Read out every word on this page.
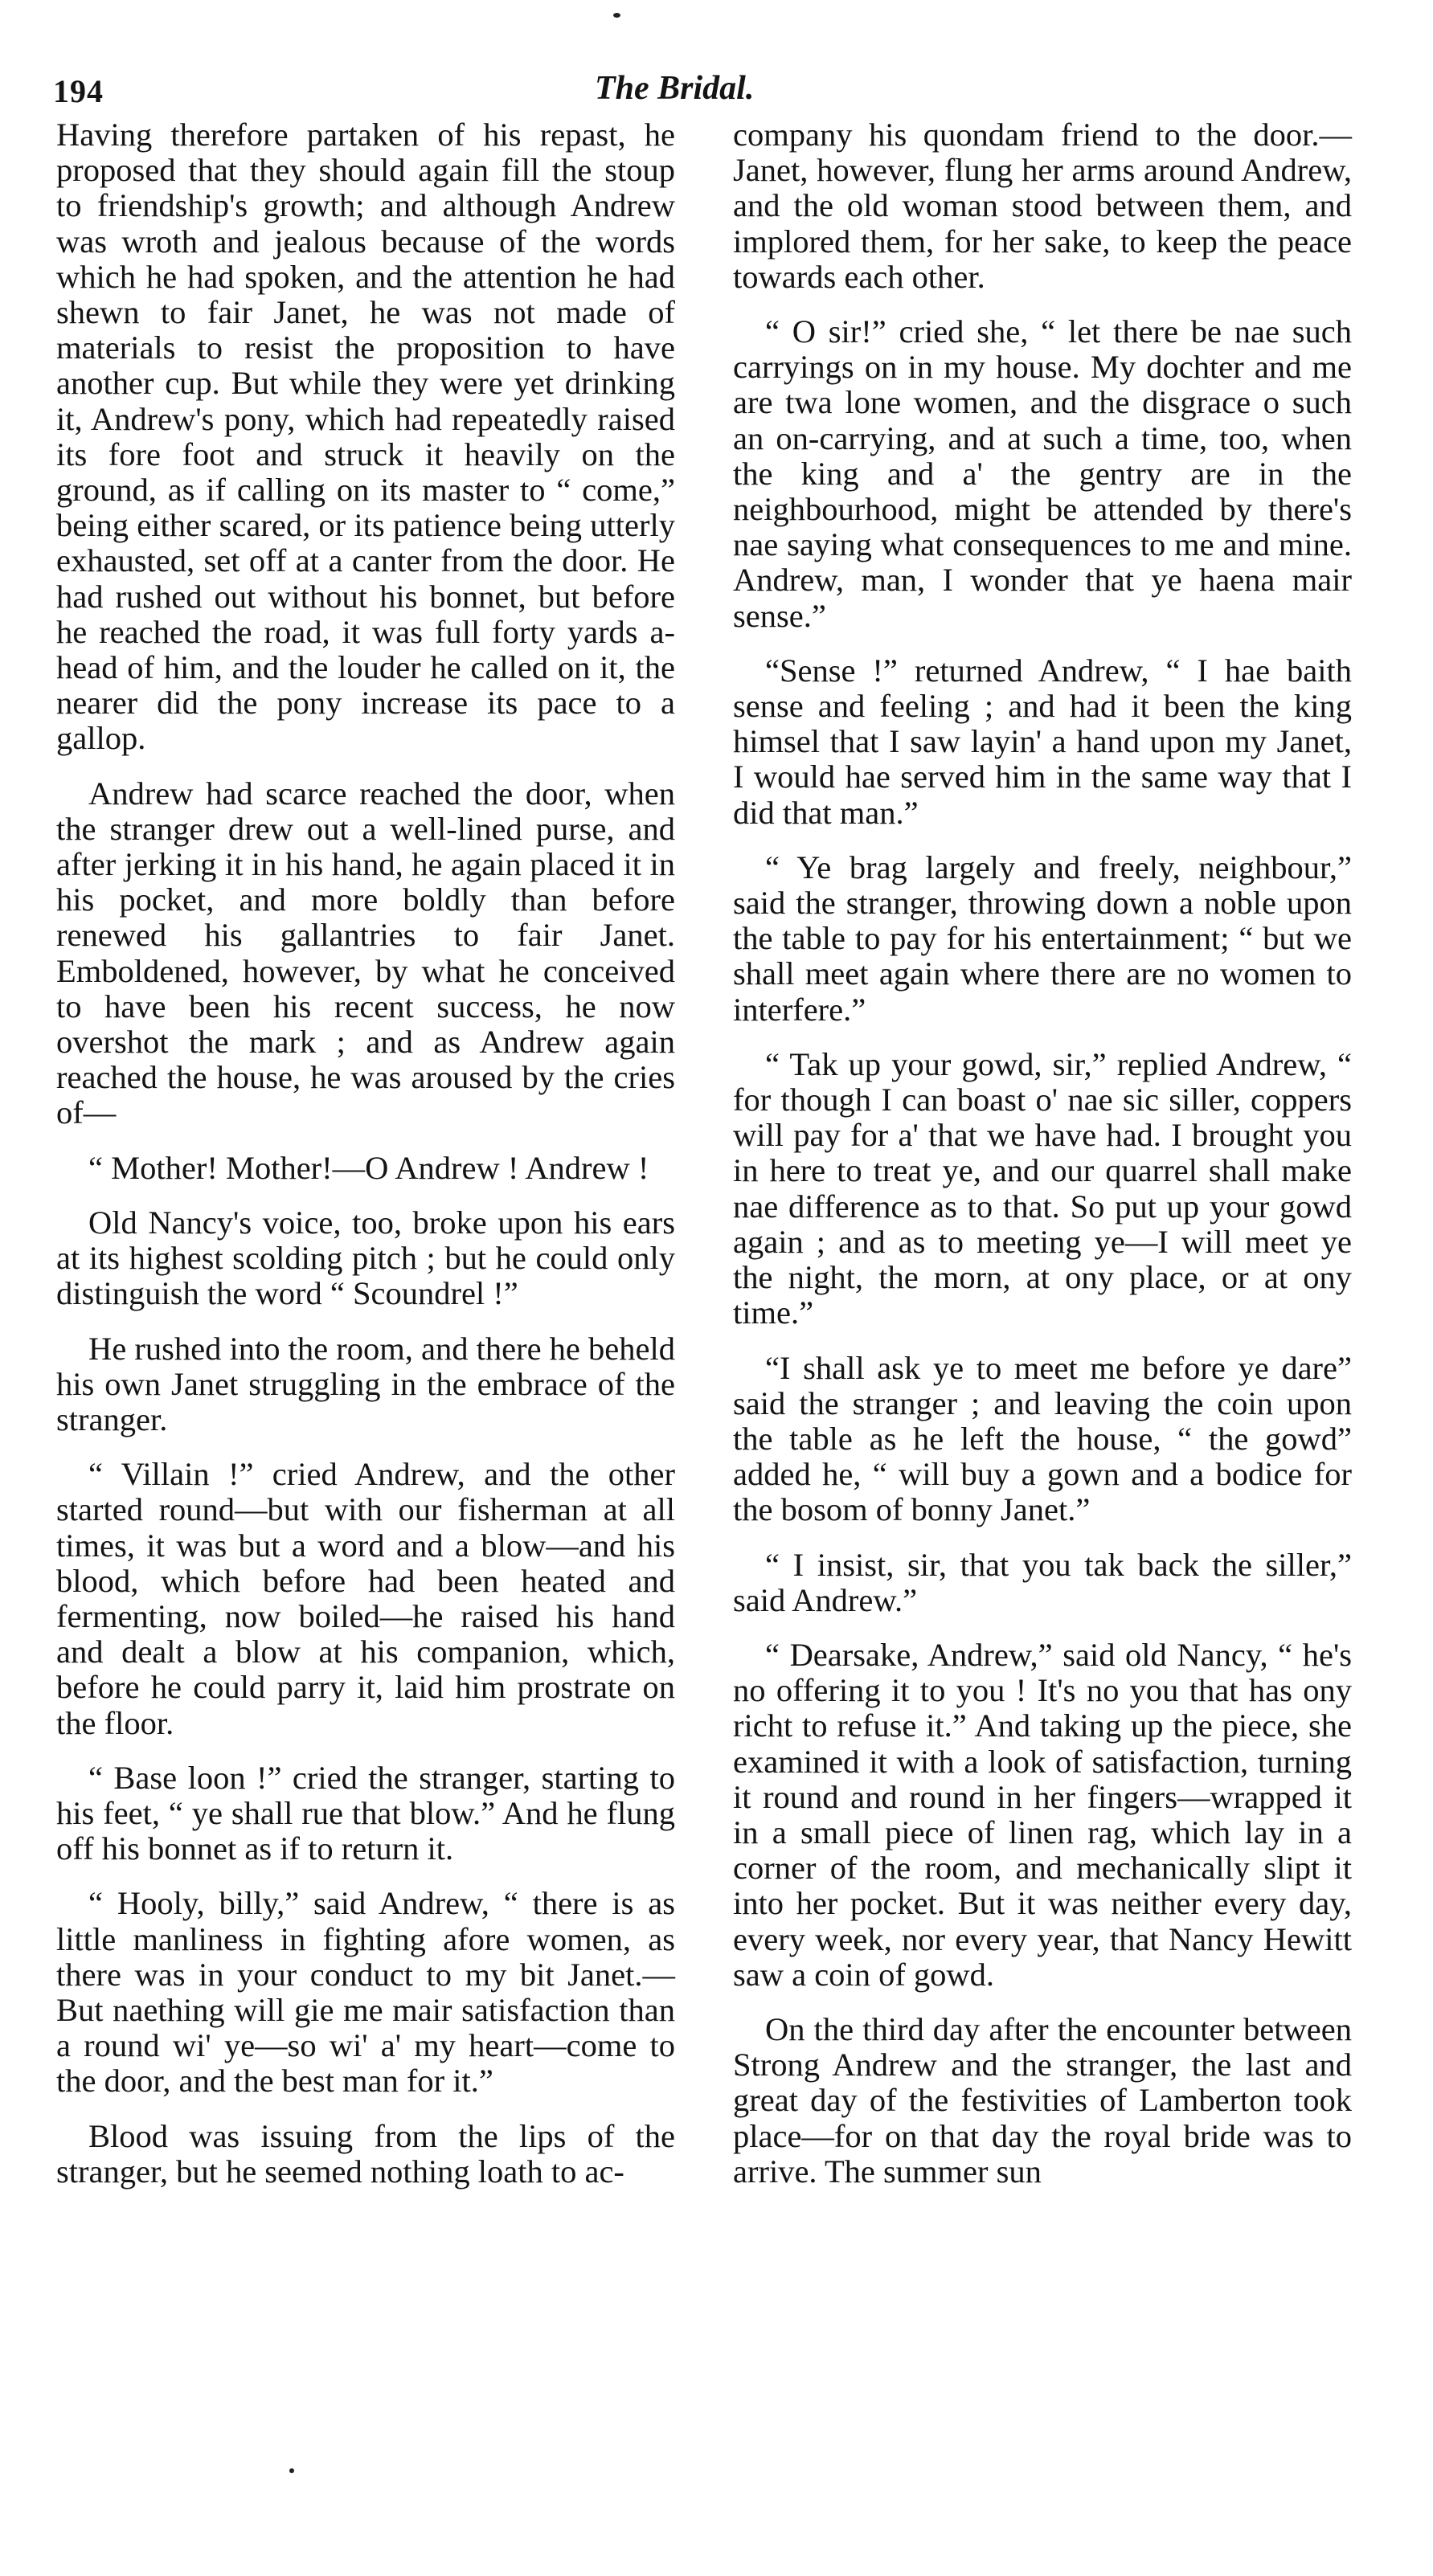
194	The Bridal.

Having therefore partaken of his repast, he proposed that they should again fill the stoup to friendship's growth; and although Andrew was wroth and jealous because of the words which he had spoken, and the attention he had shewn to fair Janet, he was not made of materials to resist the proposition to have another cup. But while they were yet drinking it, Andrew's pony, which had repeatedly raised its fore foot and struck it heavily on the ground, as if calling on its master to “ come,” being either scared, or its patience being utterly exhausted, set off at a canter from the door. He had rushed out without his bonnet, but before he reached the road, it was full forty yards a-head of him, and the louder he called on it, the nearer did the pony increase its pace to a gallop.

Andrew had scarce reached the door, when the stranger drew out a well-lined purse, and after jerking it in his hand, he again placed it in his pocket, and more boldly than before renewed his gallantries to fair Janet. Emboldened, however, by what he conceived to have been his recent success, he now overshot the mark ; and as Andrew again reached the house, he was aroused by the cries of—

“ Mother! Mother!—O Andrew ! Andrew !

Old Nancy's voice, too, broke upon his ears at its highest scolding pitch ; but he could only distinguish the word “ Scoundrel !”

He rushed into the room, and there he beheld his own Janet struggling in the embrace of the stranger.

“ Villain !” cried Andrew, and the other started round—but with our fisherman at all times, it was but a word and a blow—and his blood, which before had been heated and fermenting, now boiled—he raised his hand and dealt a blow at his companion, which, before he could parry it, laid him prostrate on the floor.

“ Base loon !” cried the stranger, starting to his feet, “ ye shall rue that blow.” And he flung off his bonnet as if to return it.

“ Hooly, billy,” said Andrew, “ there is as little manliness in fighting afore women, as there was in your conduct to my bit Janet.—But naething will gie me mair satisfaction than a round wi' ye—so wi' a' my heart—come to the door, and the best man for it.”

Blood was issuing from the lips of the stranger, but he seemed nothing loath to ac-

company his quondam friend to the door.—Janet, however, flung her arms around Andrew, and the old woman stood between them, and implored them, for her sake, to keep the peace towards each other.

“ O sir!” cried she, “ let there be nae such carryings on in my house. My dochter and me are twa lone women, and the disgrace o such an on-carrying, and at such a time, too, when the king and a' the gentry are in the neighbourhood, might be attended by there's nae saying what consequences to me and mine. Andrew, man, I wonder that ye haena mair sense.”

“Sense !” returned Andrew, “ I hae baith sense and feeling ; and had it been the king himsel that I saw layin' a hand upon my Janet, I would hae served him in the same way that I did that man.”

“ Ye brag largely and freely, neighbour,” said the stranger, throwing down a noble upon the table to pay for his entertainment; “ but we shall meet again where there are no women to interfere.”

“ Tak up your gowd, sir,” replied Andrew, “ for though I can boast o' nae sic siller, coppers will pay for a' that we have had. I brought you in here to treat ye, and our quarrel shall make nae difference as to that. So put up your gowd again ; and as to meeting ye—I will meet ye the night, the morn, at ony place, or at ony time.”

“I shall ask ye to meet me before ye dare” said the stranger ; and leaving the coin upon the table as he left the house, “ the gowd” added he, “ will buy a gown and a bodice for the bosom of bonny Janet.”

“ I insist, sir, that you tak back the siller,” said Andrew.”

“ Dearsake, Andrew,” said old Nancy, “ he's no offering it to you ! It's no you that has ony richt to refuse it.” And taking up the piece, she examined it with a look of satisfaction, turning it round and round in her fingers—wrapped it in a small piece of linen rag, which lay in a corner of the room, and mechanically slipt it into her pocket. But it was neither every day, every week, nor every year, that Nancy Hewitt saw a coin of gowd.

On the third day after the encounter between Strong Andrew and the stranger, the last and great day of the festivities of Lamberton took place—for on that day the royal bride was to arrive. The summer sun
